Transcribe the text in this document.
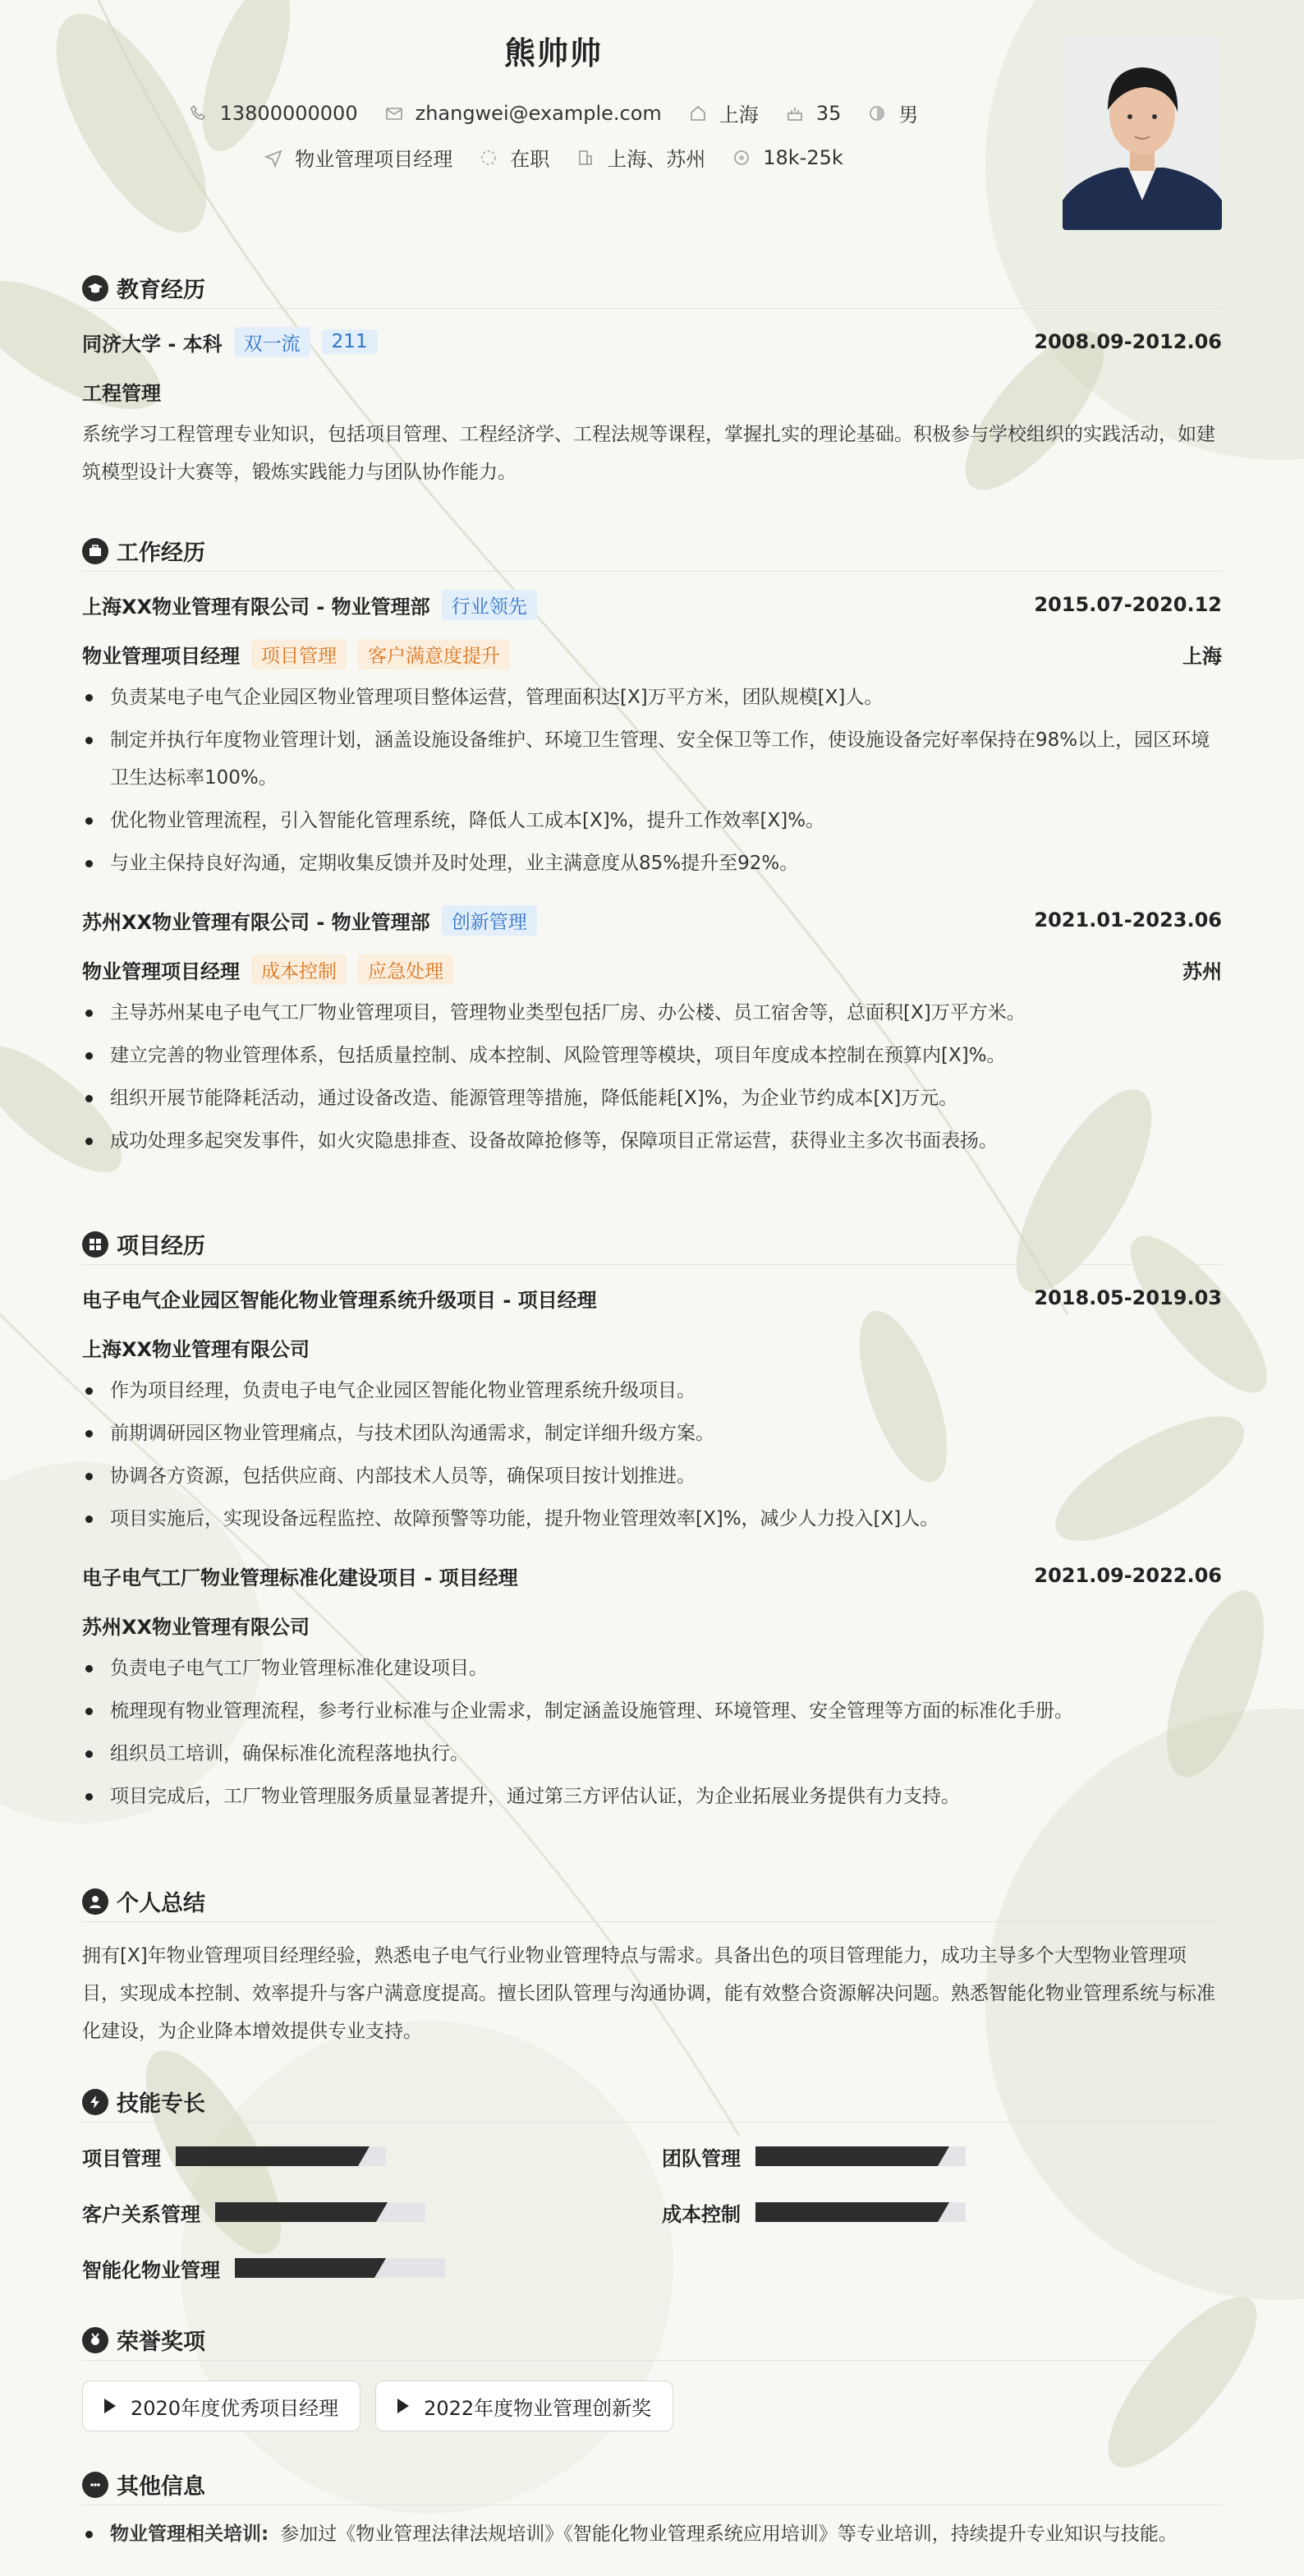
熊帅帅
13800000000	zhangwei@example.com	上海	35	男
物业管理项目经理	在职	上海、苏州	18k-25k
教育经历
同济大学 - 本科	双一流	211	2008.09-2012.06
工程管理
系统学习工程管理专业知识，包括项目管理、工程经济学、工程法规等课程，掌握扎实的理论基础。积极参与学校组织的实践活动，如建筑模型设计大赛等，锻炼实践能力与团队协作能力。
工作经历
上海XX物业管理有限公司 - 物业管理部	行业领先	2015.07-2020.12
物业管理项目经理	项目管理	客户满意度提升	上海
负责某电子电气企业园区物业管理项目整体运营，管理面积达[X]万平方米，团队规模[X]人。
制定并执行年度物业管理计划，涵盖设施设备维护、环境卫生管理、安全保卫等工作，使设施设备完好率保持在98%以上，园区环境卫生达标率100%。
优化物业管理流程，引入智能化管理系统，降低人工成本[X]%，提升工作效率[X]%。
与业主保持良好沟通，定期收集反馈并及时处理，业主满意度从85%提升至92%。
苏州XX物业管理有限公司 - 物业管理部	创新管理	2021.01-2023.06
物业管理项目经理	成本控制	应急处理	苏州
主导苏州某电子电气工厂物业管理项目，管理物业类型包括厂房、办公楼、员工宿舍等，总面积[X]万平方米。
建立完善的物业管理体系，包括质量控制、成本控制、风险管理等模块，项目年度成本控制在预算内[X]%。
组织开展节能降耗活动，通过设备改造、能源管理等措施，降低能耗[X]%，为企业节约成本[X]万元。
成功处理多起突发事件，如火灾隐患排查、设备故障抢修等，保障项目正常运营，获得业主多次书面表扬。
项目经历
电子电气企业园区智能化物业管理系统升级项目 - 项目经理	2018.05-2019.03
上海XX物业管理有限公司
作为项目经理，负责电子电气企业园区智能化物业管理系统升级项目。
前期调研园区物业管理痛点，与技术团队沟通需求，制定详细升级方案。
协调各方资源，包括供应商、内部技术人员等，确保项目按计划推进。
项目实施后，实现设备远程监控、故障预警等功能，提升物业管理效率[X]%，减少人力投入[X]人。
电子电气工厂物业管理标准化建设项目 - 项目经理	2021.09-2022.06
苏州XX物业管理有限公司
负责电子电气工厂物业管理标准化建设项目。
梳理现有物业管理流程，参考行业标准与企业需求，制定涵盖设施管理、环境管理、安全管理等方面的标准化手册。
组织员工培训，确保标准化流程落地执行。
项目完成后，工厂物业管理服务质量显著提升，通过第三方评估认证，为企业拓展业务提供有力支持。
个人总结
拥有[X]年物业管理项目经理经验，熟悉电子电气行业物业管理特点与需求。具备出色的项目管理能力，成功主导多个大型物业管理项目，实现成本控制、效率提升与客户满意度提高。擅长团队管理与沟通协调，能有效整合资源解决问题。熟悉智能化物业管理系统与标准化建设，为企业降本增效提供专业支持。
技能专长
项目管理	团队管理
客户关系管理	成本控制
智能化物业管理
荣誉奖项
2020年度优秀项目经理	2022年度物业管理创新奖
其他信息
物业管理相关培训: 参加过《物业管理法律法规培训》《智能化物业管理系统应用培训》等专业培训，持续提升专业知识与技能。
